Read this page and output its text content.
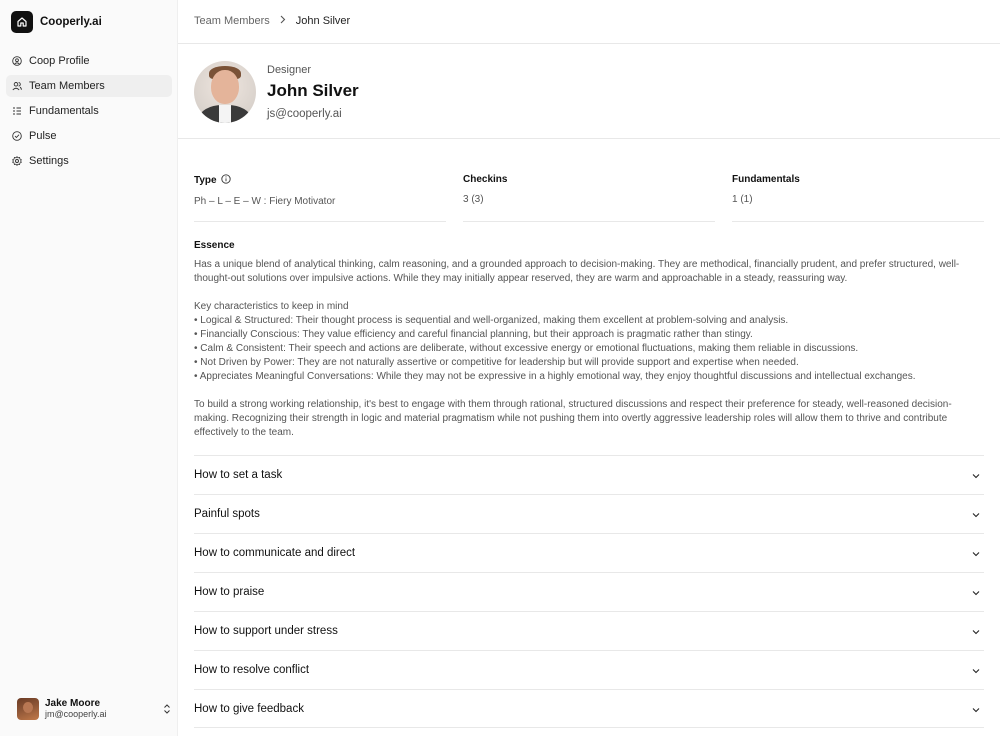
Cooperly.ai
Coop Profile
Team Members
Fundamentals
Pulse
Settings
Jake Moore
jm@cooperly.ai
Team Members John Silver
Designer
John Silver
js@cooperly.ai
Type
Ph – L – E – W : Fiery Motivator
Checkins
3 (3)
Fundamentals
1 (1)
Essence

Has a unique blend of analytical thinking, calm reasoning, and a grounded approach to decision-making. They are methodical, financially prudent, and prefer structured, well-thought-out solutions over impulsive actions. While they may initially appear reserved, they are warm and approachable in a steady, reassuring way.

Key characteristics to keep in mind

• Logical & Structured: Their thought process is sequential and well-organized, making them excellent at problem-solving and analysis.

• Financially Conscious: They value efficiency and careful financial planning, but their approach is pragmatic rather than stingy.

• Calm & Consistent: Their speech and actions are deliberate, without excessive energy or emotional fluctuations, making them reliable in discussions.

• Not Driven by Power: They are not naturally assertive or competitive for leadership but will provide support and expertise when needed.

• Appreciates Meaningful Conversations: While they may not be expressive in a highly emotional way, they enjoy thoughtful discussions and intellectual exchanges.

To build a strong working relationship, it's best to engage with them through rational, structured discussions and respect their preference for steady, well-reasoned decision-making. Recognizing their strength in logic and material pragmatism while not pushing them into overtly aggressive leadership roles will allow them to thrive and contribute effectively to the team.

How to set a task
Painful spots
How to communicate and direct
How to praise
How to support under stress
How to resolve conflict
How to give feedback
